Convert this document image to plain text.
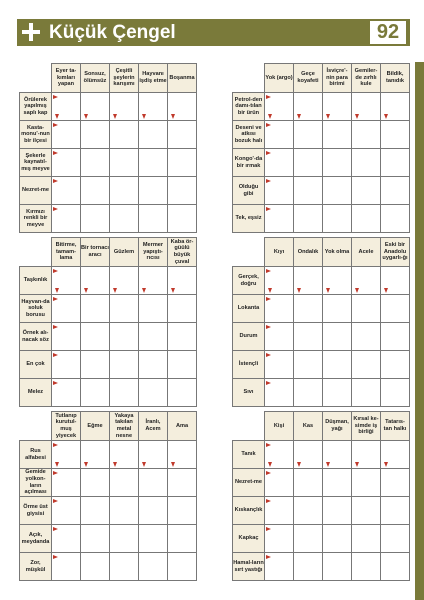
Küçük Çengel	92
	Eyer ta-kımları yapan	Sonsuz, ölümsüz	Çeşitli şeylerin karışımı	Hayvanı işdiş etme	Boşanma
Örülerek yapılmış saplı kap	

Kasta-monu'-nun bir ilçesi	

Şekerle kaynatıl-mış meyve	

Nezret-me	

Kırmızı renkli bir meyve	

	Yok (argo)	Geçe koyafeti	İsviçre'-nin para birimi	Gemiler-de zırhlı kule	Bildik, tanıdık
Petrol-den damı-tılan bir ürün	

Deseni ve atkısı bozuk halı	

Kongo'-da bir ırmak	

Olduğu gibi	

Tek, eşsiz	

	Bitirme, tamam-lama	Bir tornacı aracı	Güzlem	Mermer yapıştı-rıcısı	Kaba ör-güülü büyük çuval
Taşkınlık	

Hayvan-da soluk borusu	

Örnek alı-nacak söz	

En çok	

Melez	

	Kıyı	Ondalık	Yok olma	Acele	Eski bir Anadolu uygarlı-ğı
Gerçek, doğru	

Lokanta	

Durum	

İstençli	

Sıvı	

	Tutlanıp kurutul-muş yiyecek	Eğme	Yakaya takılan metal nesne	İranlı, Acem	Ama
Rus alfabesi	

Gemide yolkon-ların açılması	

Örme üst giysisi	

Açık, meydanda	

Zor, müşkül	

	Kişi	Kas	Düşman, yağı	Kırsal ke-simde iş birliği	Tatarıs-tan halkı
Tanık	

Nezret-me	

Kıskançlık	

Kapkaç	

Hamal-ların sırt yastığı	
